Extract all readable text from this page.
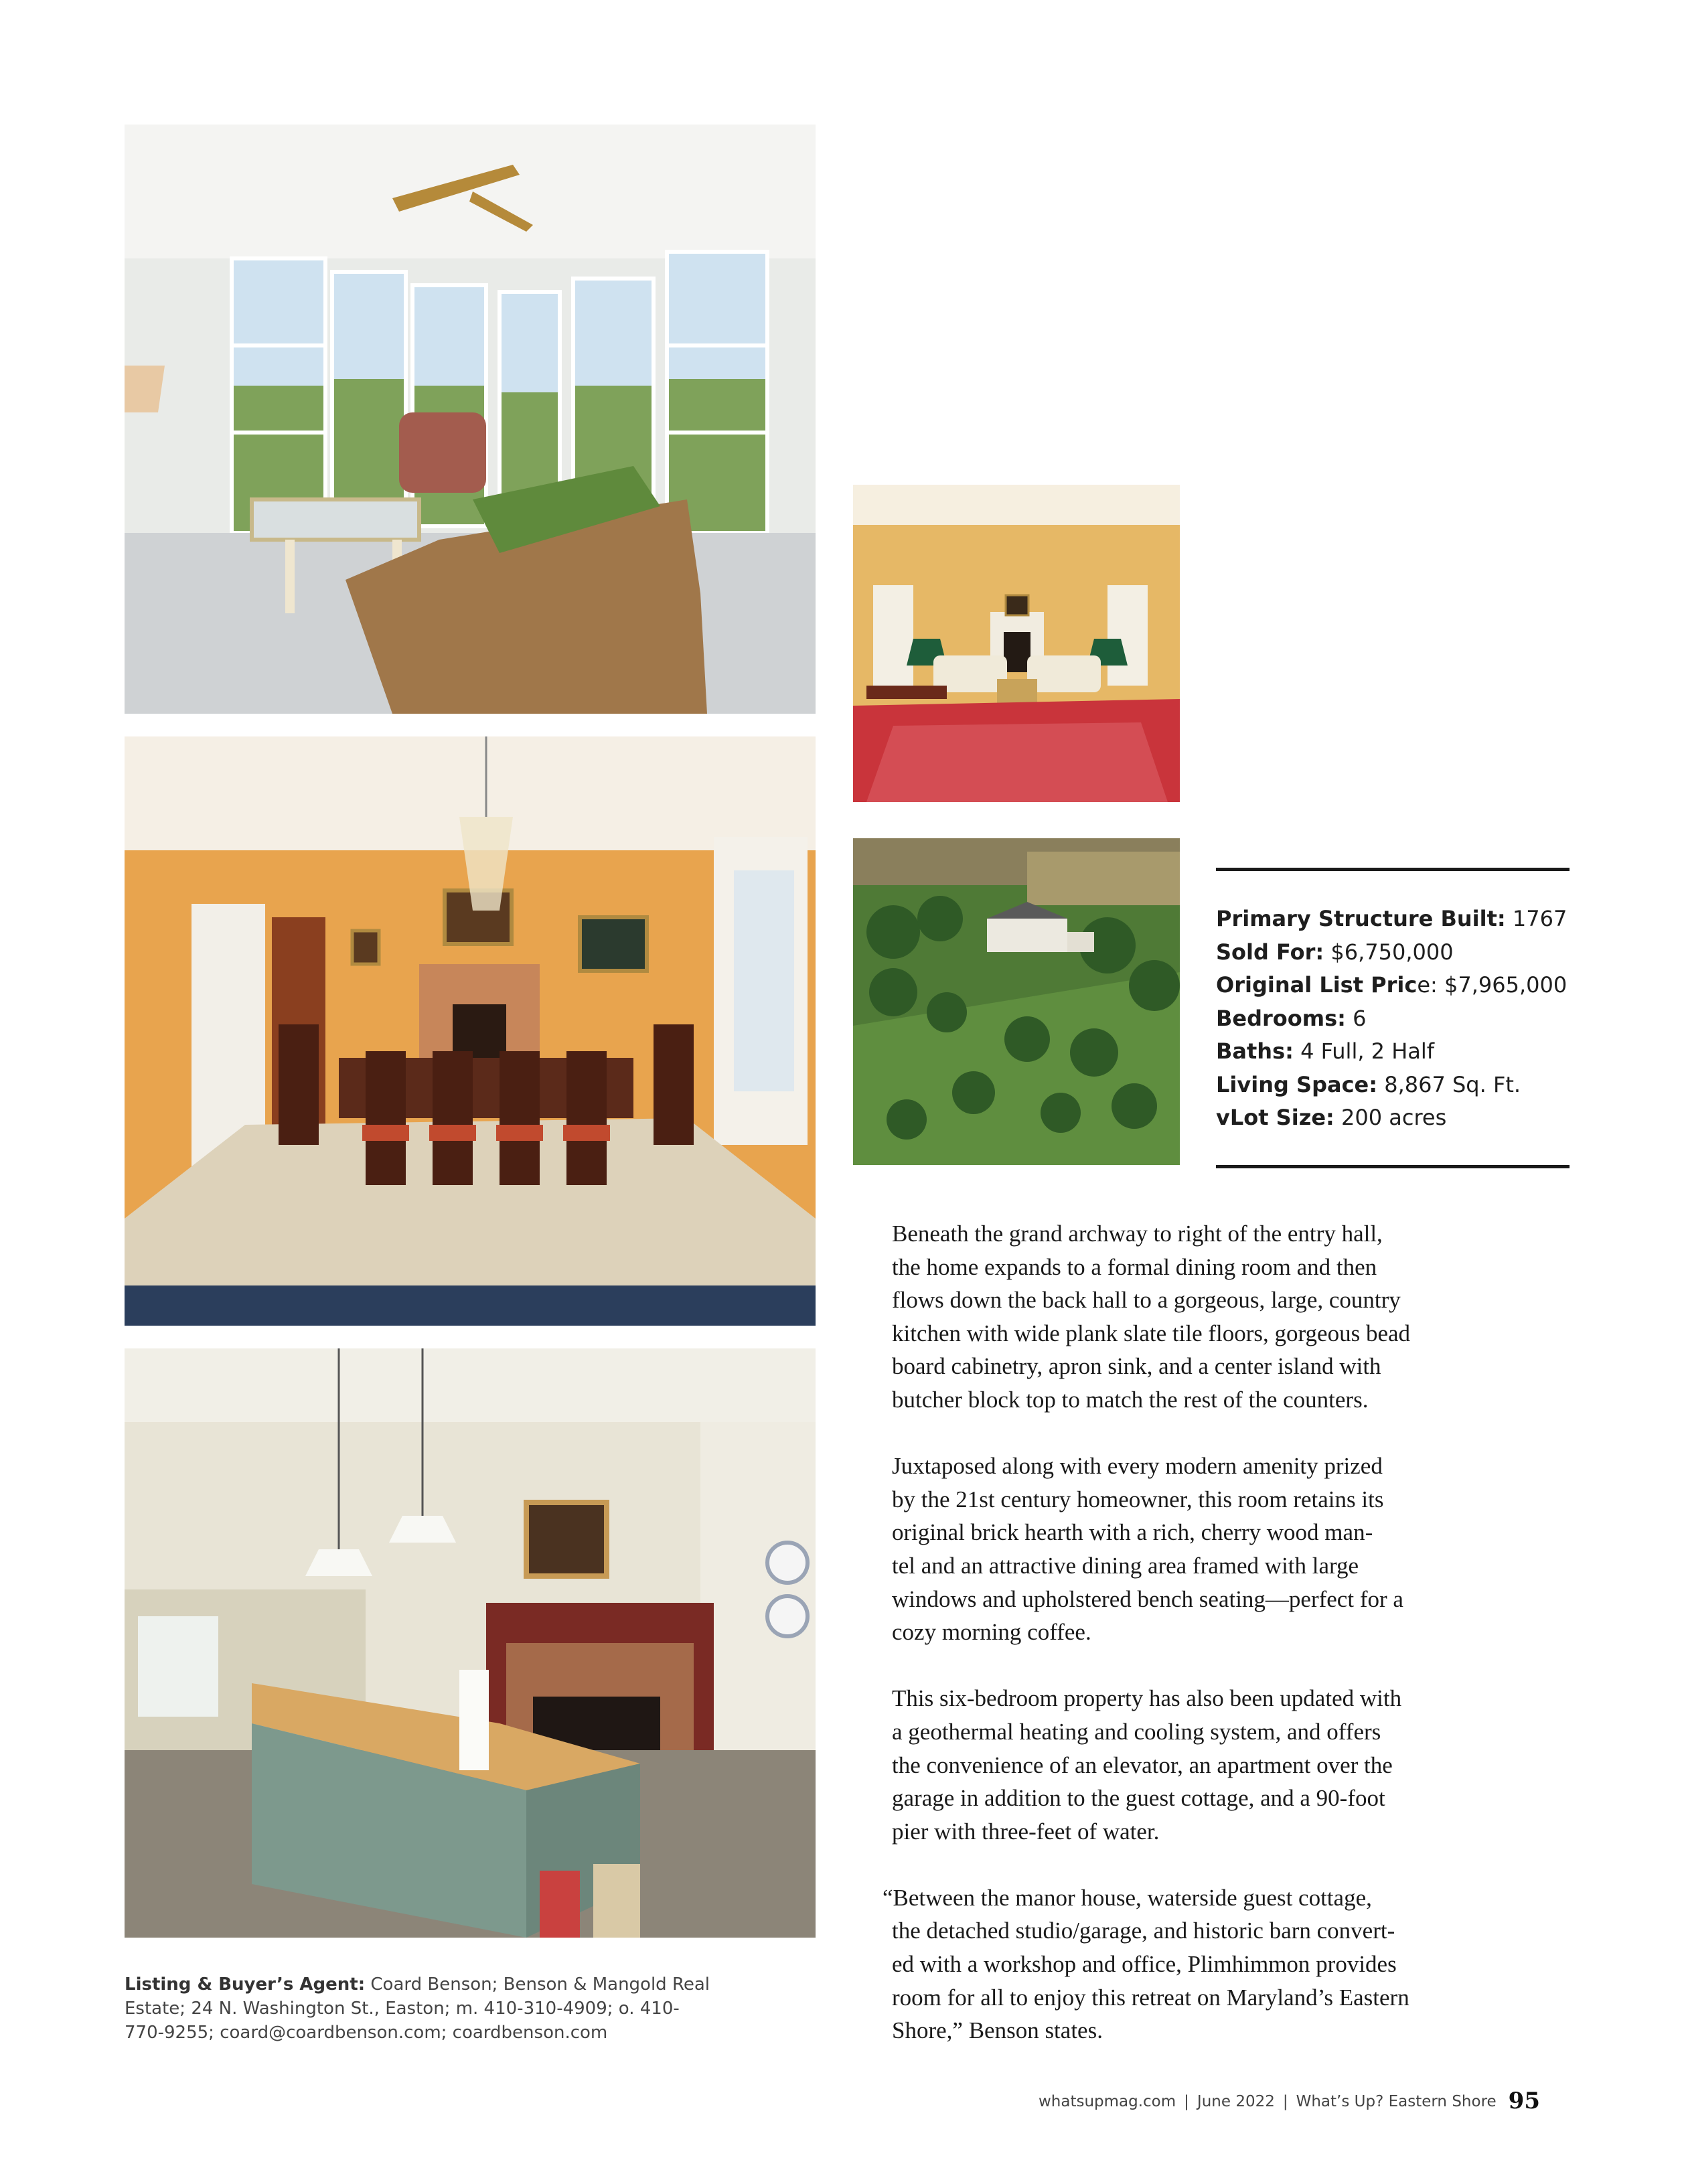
Primary Structure Built: 1767
Sold For: $6,750,000
Original List Price: $7,965,000
Bedrooms: 6
Baths: 4 Full, 2 Half
Living Space: 8,867 Sq. Ft.
vLot Size: 200 acres
Beneath the grand archway to right of the entry hall,
the home expands to a formal dining room and then
flows down the back hall to a gorgeous, large, country
kitchen with wide plank slate tile floors, gorgeous bead
board cabinetry, apron sink, and a center island with
butcher block top to match the rest of the counters.
Juxtaposed along with every modern amenity prized
by the 21st century homeowner, this room retains its
original brick hearth with a rich, cherry wood man-
tel and an attractive dining area framed with large
windows and upholstered bench seating—perfect for a
cozy morning coffee.
This six-bedroom property has also been updated with
a geothermal heating and cooling system, and offers
the convenience of an elevator, an apartment over the
garage in addition to the guest cottage, and a 90-foot
pier with three-feet of water.
“Between the manor house, waterside guest cottage,
the detached studio/garage, and historic barn convert-
ed with a workshop and office, Plimhimmon provides
room for all to enjoy this retreat on Maryland’s Eastern
Shore,” Benson states.
Listing & Buyer’s Agent: Coard Benson; Benson & Mangold Real
Estate; 24 N. Washington St., Easton; m. 410-310-4909; o. 410-
770-9255; coard@coardbenson.com; coardbenson.com
whatsupmag.com | June 2022 | What’s Up? Eastern Shore 95
